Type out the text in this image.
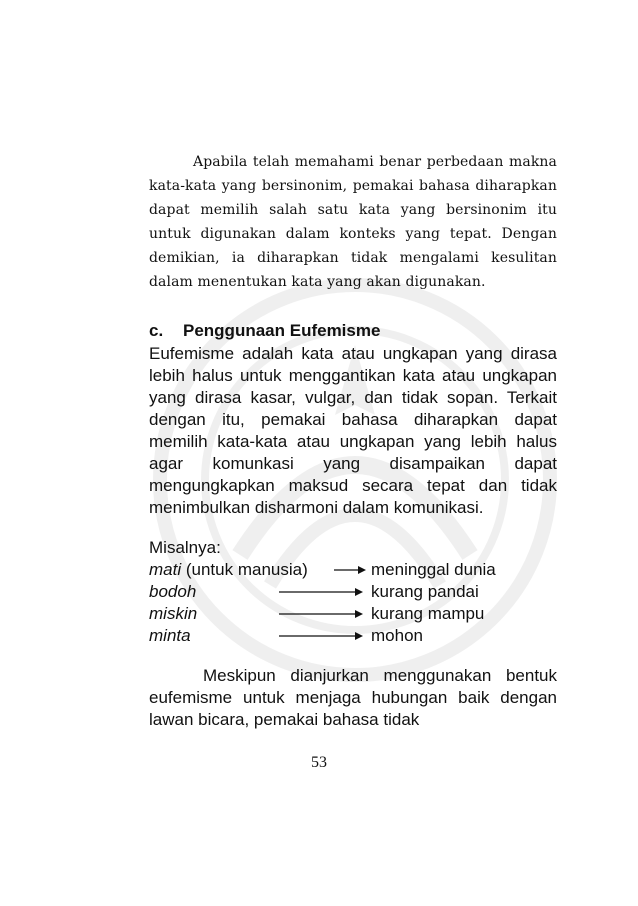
Apabila telah memahami benar perbedaan makna kata-kata yang bersinonim, pemakai bahasa diharapkan dapat memilih salah satu kata yang bersinonim itu untuk digunakan dalam konteks yang tepat. Dengan demikian, ia diharapkan tidak mengalami kesulitan dalam menentukan kata yang akan digunakan.

c. Penggunaan Eufemisme

Eufemisme adalah kata atau ungkapan yang dirasa lebih halus untuk menggantikan kata atau ungkapan yang dirasa kasar, vulgar, dan tidak sopan. Terkait dengan itu, pemakai bahasa diharapkan dapat memilih kata-kata atau ungkapan yang lebih halus agar komunkasi yang disampaikan dapat mengungkapkan maksud secara tepat dan tidak menimbulkan disharmoni dalam komunikasi.

Misalnya:

mati (untuk manusia)	meninggal dunia
bodoh	kurang pandai
miskin	kurang mampu
minta	mohon

Meskipun dianjurkan menggunakan bentuk eufemisme untuk menjaga hubungan baik dengan lawan bicara, pemakai bahasa tidak

53
